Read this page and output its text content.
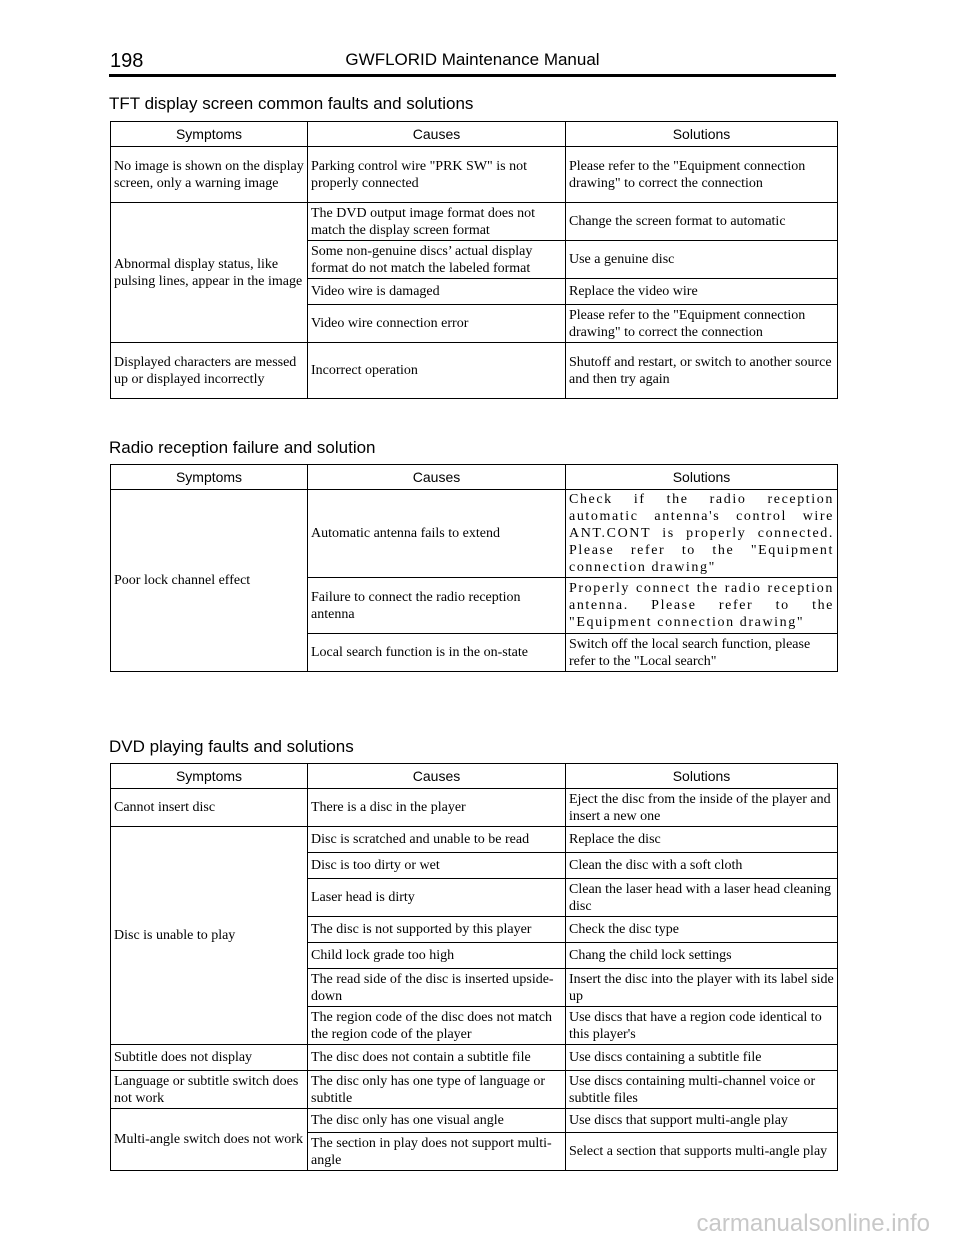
198	GWFLORID Maintenance Manual
TFT display screen common faults and solutions
Symptoms	Causes	Solutions
No image is shown on the display screen, only a warning image	Parking control wire "PRK SW" is not properly connected	Please refer to the "Equipment connection drawing" to correct the connection
Abnormal display status, like pulsing lines, appear in the image	The DVD output image format does not match the display screen format	Change the screen format to automatic
	Some non-genuine discs’ actual display format do not match the labeled format	Use a genuine disc
	Video wire is damaged	Replace the video wire
	Video wire connection error	Please refer to the "Equipment connection drawing" to correct the connection
Displayed characters are messed up or displayed incorrectly	Incorrect operation	Shutoff and restart, or switch to another source and then try again
Radio reception failure and solution
Symptoms	Causes	Solutions
Poor lock channel effect	Automatic antenna fails to extend	Check if the radio reception automatic antenna's control wire ANT.CONT is properly connected. Please refer to the "Equipment connection drawing"
	Failure to connect the radio reception antenna	Properly connect the radio reception antenna. Please refer to the "Equipment connection drawing"
	Local search function is in the on-state	Switch off the local search function, please refer to the "Local search"
DVD playing faults and solutions
Symptoms	Causes	Solutions
Cannot insert disc	There is a disc in the player	Eject the disc from the inside of the player and insert a new one
Disc is unable to play	Disc is scratched and unable to be read	Replace the disc
	Disc is too dirty or wet	Clean the disc with a soft cloth
	Laser head is dirty	Clean the laser head with a laser head cleaning disc
	The disc is not supported by this player	Check the disc type
	Child lock grade too high	Chang the child lock settings
	The read side of the disc is inserted upside-down	Insert the disc into the player with its label side up
	The region code of the disc does not match the region code of the player	Use discs that have a region code identical to this player's
Subtitle does not display	The disc does not contain a subtitle file	Use discs containing a subtitle file
Language or subtitle switch does not work	The disc only has one type of language or subtitle	Use discs containing multi-channel voice or subtitle files
Multi-angle switch does not work	The disc only has one visual angle	Use discs that support multi-angle play
	The section in play does not support multi-angle	Select a section that supports multi-angle play
carmanualsonline.info
